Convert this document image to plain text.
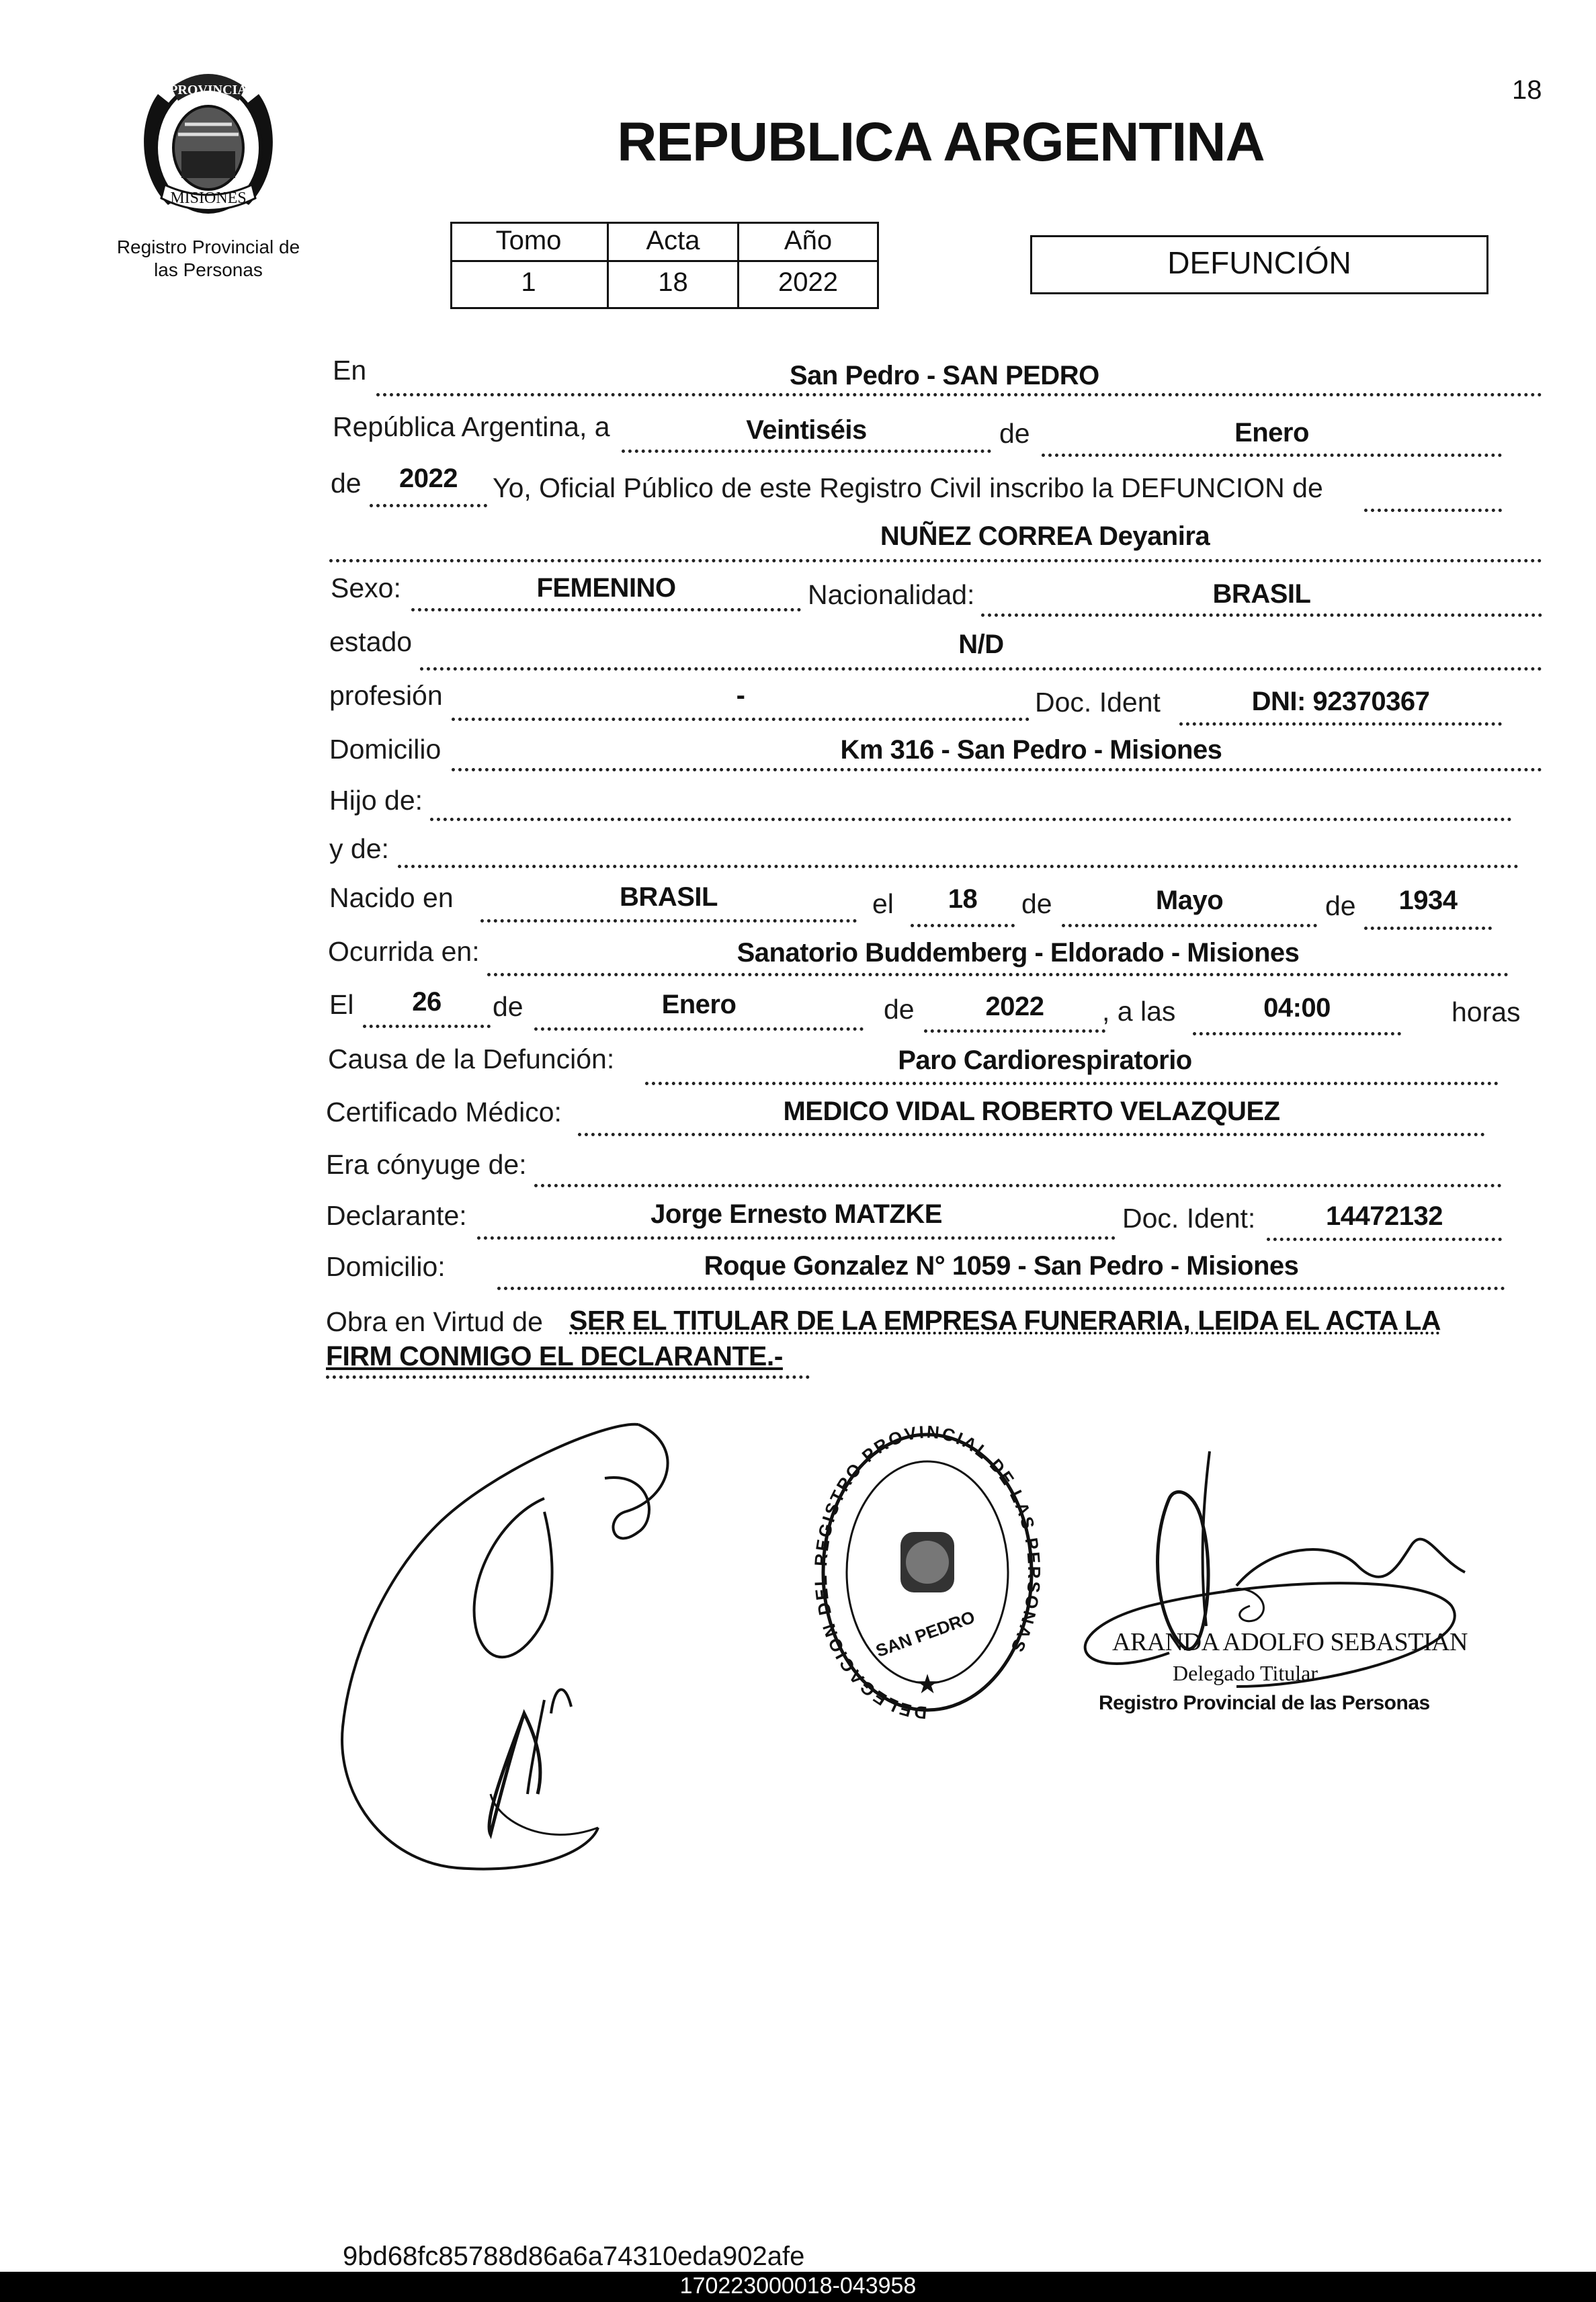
18
PROVINCIA
MISIONES
Registro Provincial de
las Personas
REPUBLICA ARGENTINA
Tomo	Acta	Año
1	18	2022
DEFUNCIÓN
En	San Pedro - SAN PEDRO
República Argentina, a	Veintiséis	de	Enero
de	2022	Yo, Oficial Público de este Registro Civil inscribo la DEFUNCION de
NUÑEZ CORREA Deyanira
Sexo:	FEMENINO	Nacionalidad:	BRASIL
estado	N/D
profesión	-	Doc. Ident	DNI: 92370367
Domicilio	Km 316 - San Pedro - Misiones
Hijo de:
y de:
Nacido en	BRASIL	el	18	de	Mayo	de	1934
Ocurrida en:	Sanatorio Buddemberg - Eldorado - Misiones
El	26	de	Enero	de	2022	, a las	04:00	horas
Causa de la Defunción:	Paro Cardiorespiratorio
Certificado Médico:	MEDICO VIDAL ROBERTO VELAZQUEZ
Era cónyuge de:
Declarante:	Jorge Ernesto MATZKE	Doc. Ident:	14472132
Domicilio:	Roque Gonzalez N° 1059 - San Pedro - Misiones
Obra en Virtud de SER EL TITULAR DE LA EMPRESA FUNERARIA, LEIDA EL ACTA LA
FIRM CONMIGO EL DECLARANTE.-
DELEGACION DEL REGISTRO PROVINCIAL DE LAS PERSONAS
SAN PEDRO
★
ARANDA ADOLFO SEBASTIAN
Delegado Titular
Registro Provincial de las Personas
9bd68fc85788d86a6a74310eda902afe
170223000018-043958
